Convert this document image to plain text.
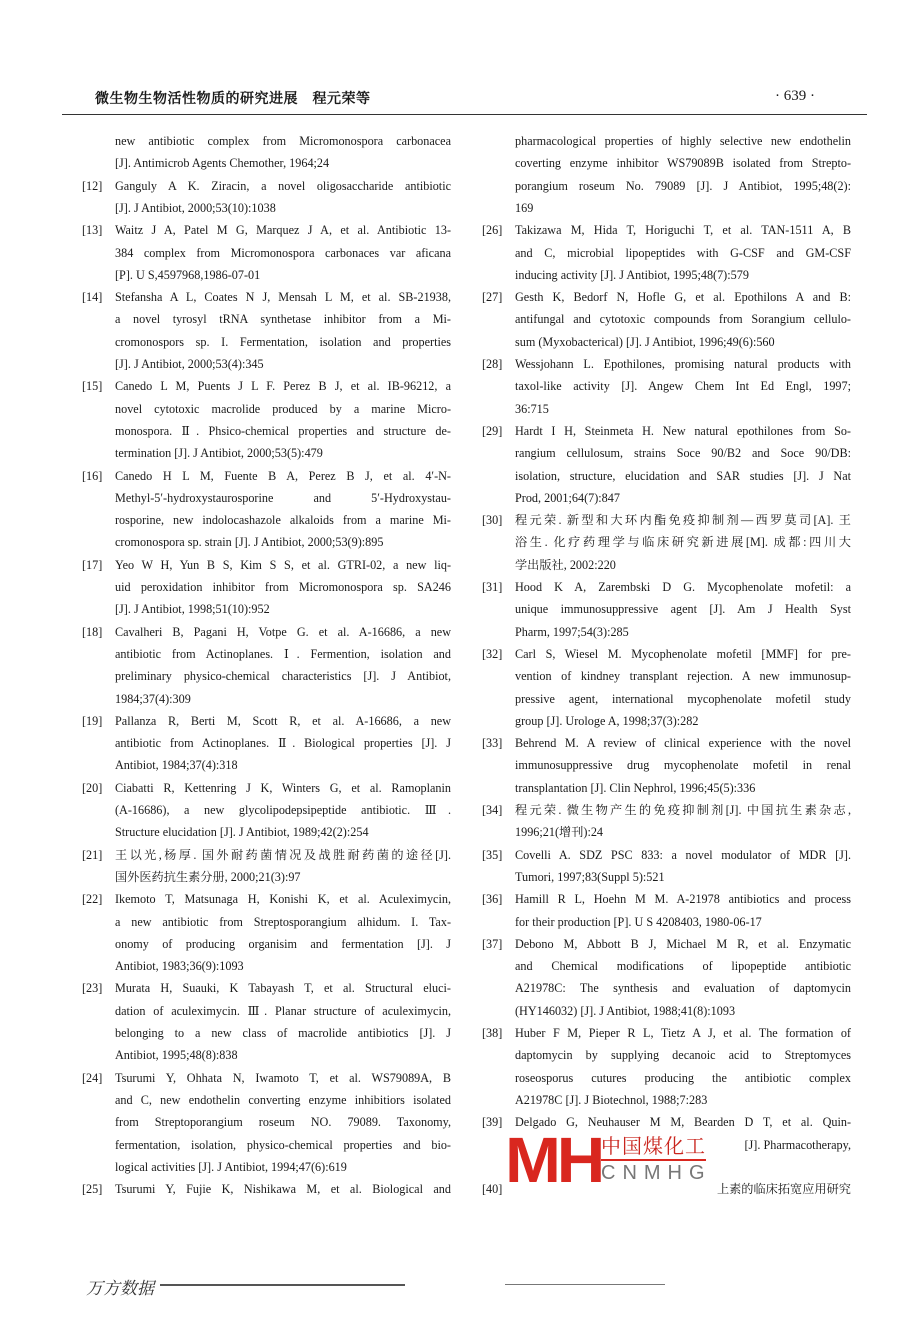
微生物生物活性物质的研究进展　程元荣等	· 639 ·
new antibiotic complex from Micromonospora carbonacea
[J]. Antimicrob Agents Chemother, 1964;24
[12] Ganguly A K. Ziracin, a novel oligosaccharide antibiotic
[J]. J Antibiot, 2000;53(10):1038
[13] Waitz J A, Patel M G, Marquez J A, et al. Antibiotic 13-
384 complex from Micromonospora carbonaces var aficana
[P]. U S,4597968,1986-07-01
[14] Stefansha A L, Coates N J, Mensah L M, et al. SB-21938,
a novel tyrosyl tRNA synthetase inhibitor from a Mi-
cromonospors sp. I. Fermentation, isolation and properties
[J]. J Antibiot, 2000;53(4):345
[15] Canedo L M, Puents J L F. Perez B J, et al. IB-96212, a
novel cytotoxic macrolide produced by a marine Micro-
monospora. Ⅱ. Phsico-chemical properties and structure de-
termination [J]. J Antibiot, 2000;53(5):479
[16] Canedo H L M, Fuente B A, Perez B J, et al. 4′-N-
Methyl-5′-hydroxystaurosporine and 5′-Hydroxystau-
rosporine, new indolocashazole alkaloids from a marine Mi-
cromonospora sp. strain [J]. J Antibiot, 2000;53(9):895
[17] Yeo W H, Yun B S, Kim S S, et al. GTRI-02, a new liq-
uid peroxidation inhibitor from Micromonospora sp. SA246
[J]. J Antibiot, 1998;51(10):952
[18] Cavalheri B, Pagani H, Votpe G. et al. A-16686, a new
antibiotic from Actinoplanes. Ⅰ. Fermention, isolation and
preliminary physico-chemical characteristics [J]. J Antibiot,
1984;37(4):309
[19] Pallanza R, Berti M, Scott R, et al. A-16686, a new
antibiotic from Actinoplanes. Ⅱ. Biological properties [J]. J
Antibiot, 1984;37(4):318
[20] Ciabatti R, Kettenring J K, Winters G, et al. Ramoplanin
(A-16686), a new glycolipodepsipeptide antibiotic. Ⅲ.
Structure elucidation [J]. J Antibiot, 1989;42(2):254
[21] 王以光,杨厚. 国外耐药菌情况及战胜耐药菌的途径[J].
国外医药抗生素分册, 2000;21(3):97
[22] Ikemoto T, Matsunaga H, Konishi K, et al. Aculeximycin,
a new antibiotic from Streptosporangium alhidum. I. Tax-
onomy of producing organisim and fermentation [J]. J
Antibiot, 1983;36(9):1093
[23] Murata H, Suauki, K Tabayash T, et al. Structural eluci-
dation of aculeximycin. Ⅲ. Planar structure of aculeximycin,
belonging to a new class of macrolide antibiotics [J]. J
Antibiot, 1995;48(8):838
[24] Tsurumi Y, Ohhata N, Iwamoto T, et al. WS79089A, B
and C, new endothelin converting enzyme inhibitiors isolated
from Streptoporangium roseum NO. 79089. Taxonomy,
fermentation, isolation, physico-chemical properties and bio-
logical activities [J]. J Antibiot, 1994;47(6):619
[25] Tsurumi Y, Fujie K, Nishikawa M, et al. Biological and
pharmacological properties of highly selective new endothelin
coverting enzyme inhibitor WS79089B isolated from Strepto-
porangium roseum No. 79089 [J]. J Antibiot, 1995;48(2):
169
[26] Takizawa M, Hida T, Horiguchi T, et al. TAN-1511 A, B
and C, microbial lipopeptides with G-CSF and GM-CSF
inducing activity [J]. J Antibiot, 1995;48(7):579
[27] Gesth K, Bedorf N, Hofle G, et al. Epothilons A and B:
antifungal and cytotoxic compounds from Sorangium cellulo-
sum (Myxobacterical) [J]. J Antibiot, 1996;49(6):560
[28] Wessjohann L. Epothilones, promising natural products with
taxol-like activity [J]. Angew Chem Int Ed Engl, 1997;
36:715
[29] Hardt I H, Steinmeta H. New natural epothilones from So-
rangium cellulosum, strains Soce 90/B2 and Soce 90/DB:
isolation, structure, elucidation and SAR studies [J]. J Nat
Prod, 2001;64(7):847
[30] 程元荣. 新型和大环内酯免疫抑制剂—西罗莫司[A]. 王
浴生. 化疗药理学与临床研究新进展[M]. 成都:四川大
学出版社, 2002:220
[31] Hood K A, Zarembski D G. Mycophenolate mofetil: a
unique immunosuppressive agent [J]. Am J Health Syst
Pharm, 1997;54(3):285
[32] Carl S, Wiesel M. Mycophenolate mofetil [MMF] for pre-
vention of kindney transplant rejection. A new immunosup-
pressive agent, international mycophenolate mofetil study
group [J]. Urologe A, 1998;37(3):282
[33] Behrend M. A review of clinical experience with the novel
immunosuppressive drug mycophenolate mofetil in renal
transplantation [J]. Clin Nephrol, 1996;45(5):336
[34] 程元荣. 微生物产生的免疫抑制剂[J]. 中国抗生素杂志,
1996;21(增刊):24
[35] Covelli A. SDZ PSC 833: a novel modulator of MDR [J].
Tumori, 1997;83(Suppl 5):521
[36] Hamill R L, Hoehn M M. A-21978 antibiotics and process
for their production [P]. U S 4208403, 1980-06-17
[37] Debono M, Abbott B J, Michael M R, et al. Enzymatic
and Chemical modifications of lipopeptide antibiotic
A21978C: The synthesis and evaluation of daptomycin
(HY146032) [J]. J Antibiot, 1988;41(8):1093
[38] Huber F M, Pieper R L, Tietz A J, et al. The formation of
daptomycin by supplying decanoic acid to Streptomyces
roseosporus cutures producing the antibiotic complex
A21978C [J]. J Biotechnol, 1988;7:283
[39] Delgado G, Neuhauser M M, Bearden D T, et al. Quin-
[J]. Pharmacotherapy,
[40]	上素的临床拓宽应用研究
MH 中国煤化工
CNMHG
万方数据
